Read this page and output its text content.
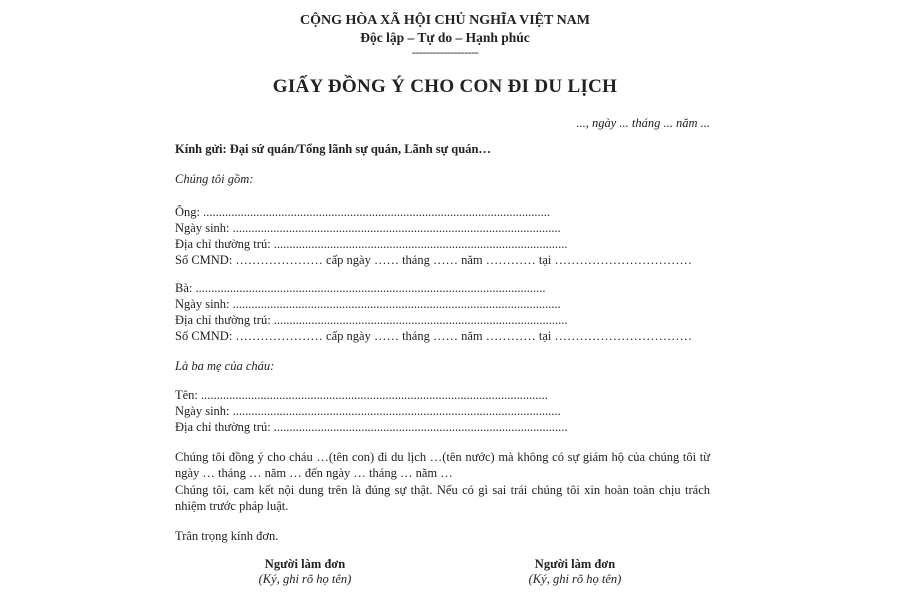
CỘNG HÒA XÃ HỘI CHỦ NGHĨA VIỆT NAM
Độc lập – Tự do – Hạnh phúc
-------------------
GIẤY ĐỒNG Ý CHO CON ĐI DU LỊCH
..., ngày ... tháng ... năm ...
Kính gửi: Đại sứ quán/Tổng lãnh sự quán, Lãnh sự quán…
Chúng tôi gồm:
Ông: ...............................................................................................................
Ngày sinh: .........................................................................................................
Địa chỉ thường trú: ..............................................................................................
Số CMND: ………………… cấp ngày …… tháng …… năm ………… tại ……………………………
Bà: ................................................................................................................
Ngày sinh: .........................................................................................................
Địa chỉ thường trú: ..............................................................................................
Số CMND: ………………… cấp ngày …… tháng …… năm ………… tại ……………………………
Là ba mẹ của cháu:
Tên: ...............................................................................................................
Ngày sinh: .........................................................................................................
Địa chỉ thường trú: ..............................................................................................
Chúng tôi đồng ý cho cháu …(tên con) đi du lịch …(tên nước) mà không có sự giám hộ của chúng tôi từ ngày … tháng … năm … đến ngày … tháng … năm …
Chúng tôi, cam kết nội dung trên là đúng sự thật. Nếu có gì sai trái chúng tôi xin hoàn toàn chịu trách nhiệm trước pháp luật.
Trân trọng kính đơn.
Người làm đơn
(Ký, ghi rõ họ tên)
Người làm đơn
(Ký, ghi rõ họ tên)
